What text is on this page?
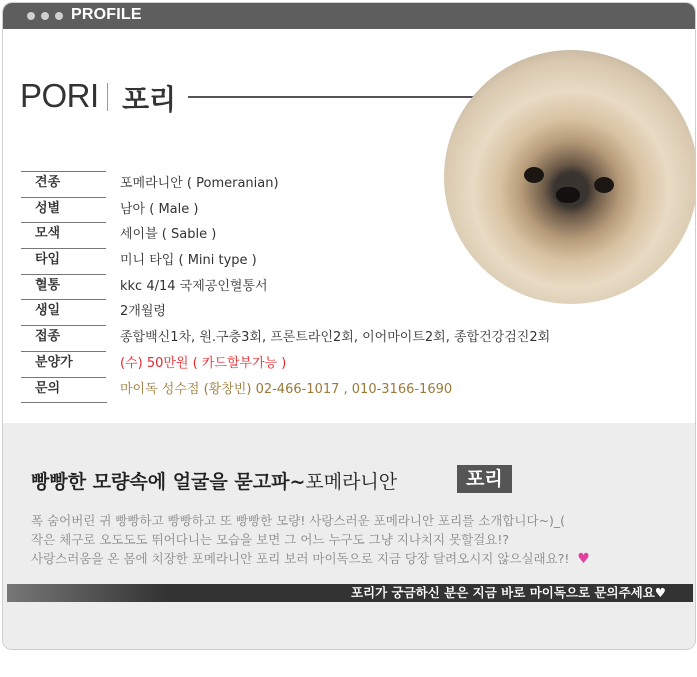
PROFILE
PORI 포리
견종	포메라니안 ( Pomeranian)
성별	남아 ( Male )
모색	세이블 ( Sable )
타입	미니 타입 ( Mini type )
혈통	kkc 4/14 국제공인혈통서
생일	2개월령
접종	종합백신1차, 원.구충3회, 프론트라인2회, 이어마이트2회, 종합건강검진2회
분양가	(수) 50만원 ( 카드할부가능 )
문의	마이독 성수점 (황창빈) 02-466-1017 , 010-3166-1690
빵빵한 모량속에 얼굴을 묻고파~포메라니안	포리
폭 숨어버린 귀 빵빵하고 빵빵하고 또 빵빵한 모량! 사랑스러운 포메라니안 포리를 소개합니다~)_(
작은 체구로 오도도도 뛰어다니는 모습을 보면 그 어느 누구도 그냥 지나치지 못할걸요!?
사랑스러움을 온 몸에 치장한 포메라니안 포리 보러 마이독으로 지금 당장 달려오시지 않으실래요?! ♥
포리가 궁금하신 분은 지금 바로 마이독으로 문의주세요♥
